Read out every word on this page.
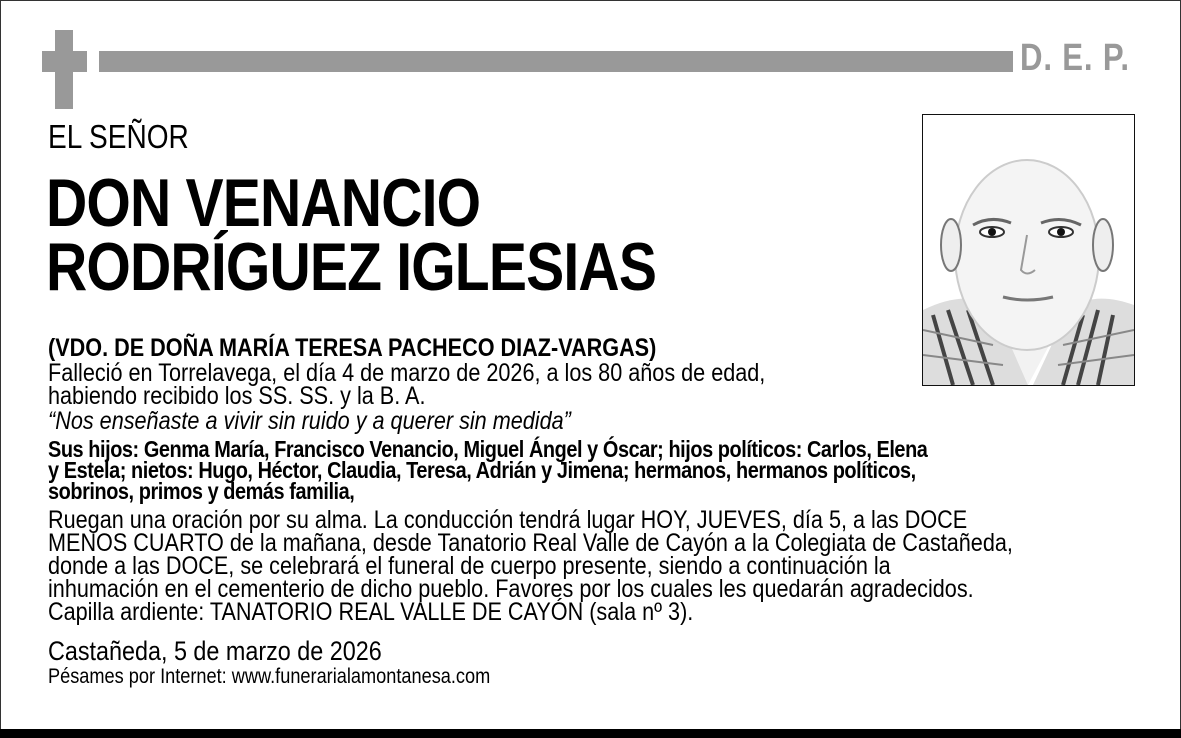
D. E. P.
EL SEÑOR
DON VENANCIO
RODRÍGUEZ IGLESIAS
(VDO. DE DOÑA MARÍA TERESA PACHECO DIAZ-VARGAS)
Falleció en Torrelavega, el día 4 de marzo de 2026, a los 80 años de edad,
habiendo recibido los SS. SS. y la B. A.
“Nos enseñaste a vivir sin ruido y a querer sin medida”
Sus hijos: Genma María, Francisco Venancio, Miguel Ángel y Óscar; hijos políticos: Carlos, Elena
y Estela; nietos: Hugo, Héctor, Claudia, Teresa, Adrián y Jimena; hermanos, hermanos políticos,
sobrinos, primos y demás familia,
Ruegan una oración por su alma. La conducción tendrá lugar HOY, JUEVES, día 5, a las DOCE
MENOS CUARTO de la mañana, desde Tanatorio Real Valle de Cayón a la Colegiata de Castañeda,
donde a las DOCE, se celebrará el funeral de cuerpo presente, siendo a continuación la
inhumación en el cementerio de dicho pueblo. Favores por los cuales les quedarán agradecidos.
Capilla ardiente: TANATORIO REAL VALLE DE CAYÓN (sala nº 3).
Castañeda, 5 de marzo de 2026
Pésames por Internet: www.funerarialamontanesa.com
